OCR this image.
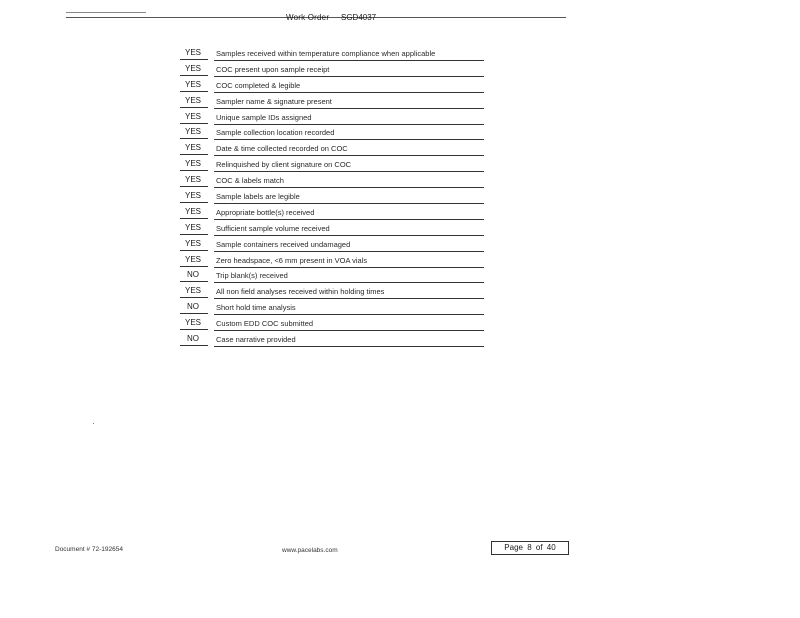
Work Order SGD4037
YES	Samples received within temperature compliance when applicable
YES	COC present upon sample receipt
YES	COC completed & legible
YES	Sampler name & signature present
YES	Unique sample IDs assigned
YES	Sample collection location recorded
YES	Date & time collected recorded on COC
YES	Relinquished by client signature on COC
YES	COC & labels match
YES	Sample labels are legible
YES	Appropriate bottle(s) received
YES	Sufficient sample volume received
YES	Sample containers received undamaged
YES	Zero headspace, <6 mm present in VOA vials
NO	Trip blank(s) received
YES	All non field analyses received within holding times
NO	Short hold time analysis
YES	Custom EDD COC submitted
NO	Case narrative provided
Document # 72-192654	www.pacelabs.com	Page 8 of 40
